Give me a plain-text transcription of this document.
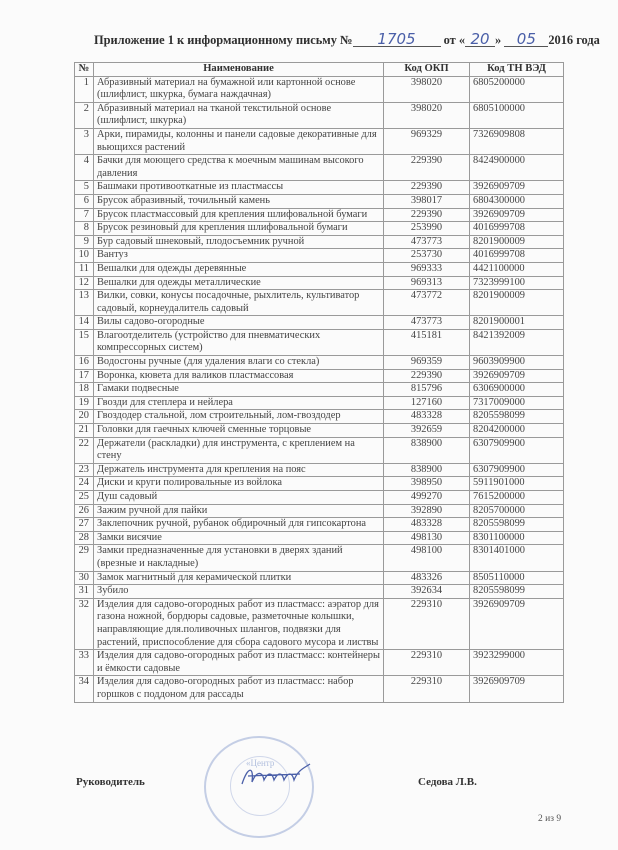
Приложение 1 к информационному письму № 1705 от « 20 » 05 2016 года
№	Наименование	Код ОКП	Код ТН ВЭД
1	Абразивный материал на бумажной или картонной основе (шлифлист, шкурка, бумага наждачная)	398020	6805200000
2	Абразивный материал на тканой текстильной основе (шлифлист, шкурка)	398020	6805100000
3	Арки, пирамиды, колонны и панели садовые декоративные для вьющихся растений	969329	7326909808
4	Бачки для моющего средства к моечным машинам высокого давления	229390	8424900000
5	Башмаки противооткатные из пластмассы	229390	3926909709
6	Брусок абразивный, точильный камень	398017	6804300000
7	Брусок пластмассовый для крепления шлифовальной бумаги	229390	3926909709
8	Брусок резиновый для крепления шлифовальной бумаги	253990	4016999708
9	Бур садовый шнековый, плодосъемник ручной	473773	8201900009
10	Вантуз	253730	4016999708
11	Вешалки для одежды деревянные	969333	4421100000
12	Вешалки для одежды металлические	969313	7323999100
13	Вилки, совки, конусы посадочные, рыхлитель, культиватор садовый, корнеудалитель садовый	473772	8201900009
14	Вилы садово-огородные	473773	8201900001
15	Влагоотделитель (устройство для пневматических компрессорных систем)	415181	8421392009
16	Водосгоны ручные (для удаления влаги со стекла)	969359	9603909900
17	Воронка, кювета для валиков пластмассовая	229390	3926909709
18	Гамаки подвесные	815796	6306900000
19	Гвозди для степлера и нейлера	127160	7317009000
20	Гвоздодер стальной, лом строительный, лом-гвоздодер	483328	8205598099
21	Головки для гаечных ключей сменные торцовые	392659	8204200000
22	Держатели (раскладки) для инструмента, с креплением на стену	838900	6307909900
23	Держатель инструмента для крепления на пояс	838900	6307909900
24	Диски и круги полировальные из войлока	398950	5911901000
25	Душ садовый	499270	7615200000
26	Зажим ручной для пайки	392890	8205700000
27	Заклепочник ручной, рубанок обдирочный для гипсокартона	483328	8205598099
28	Замки висячие	498130	8301100000
29	Замки предназначенные для установки в дверях зданий (врезные и накладные)	498100	8301401000
30	Замок магнитный для керамической плитки	483326	8505110000
31	Зубило	392634	8205598099
32	Изделия для садово-огородных работ из пластмасс: аэратор для газона ножной, бордюры садовые, разметочные колышки, направляющие для.поливочных шлангов, подвязки для растений, приспособление для сбора садового мусора и листвы	229310	3926909709
33	Изделия для садово-огородных работ из пластмасс: контейнеры и ёмкости садовые	229310	3923299000
34	Изделия для садово-огородных работ из пластмасс: набор горшков с поддоном для рассады	229310	3926909709
Руководитель
«Центр
Седова Л.В.
2 из 9
